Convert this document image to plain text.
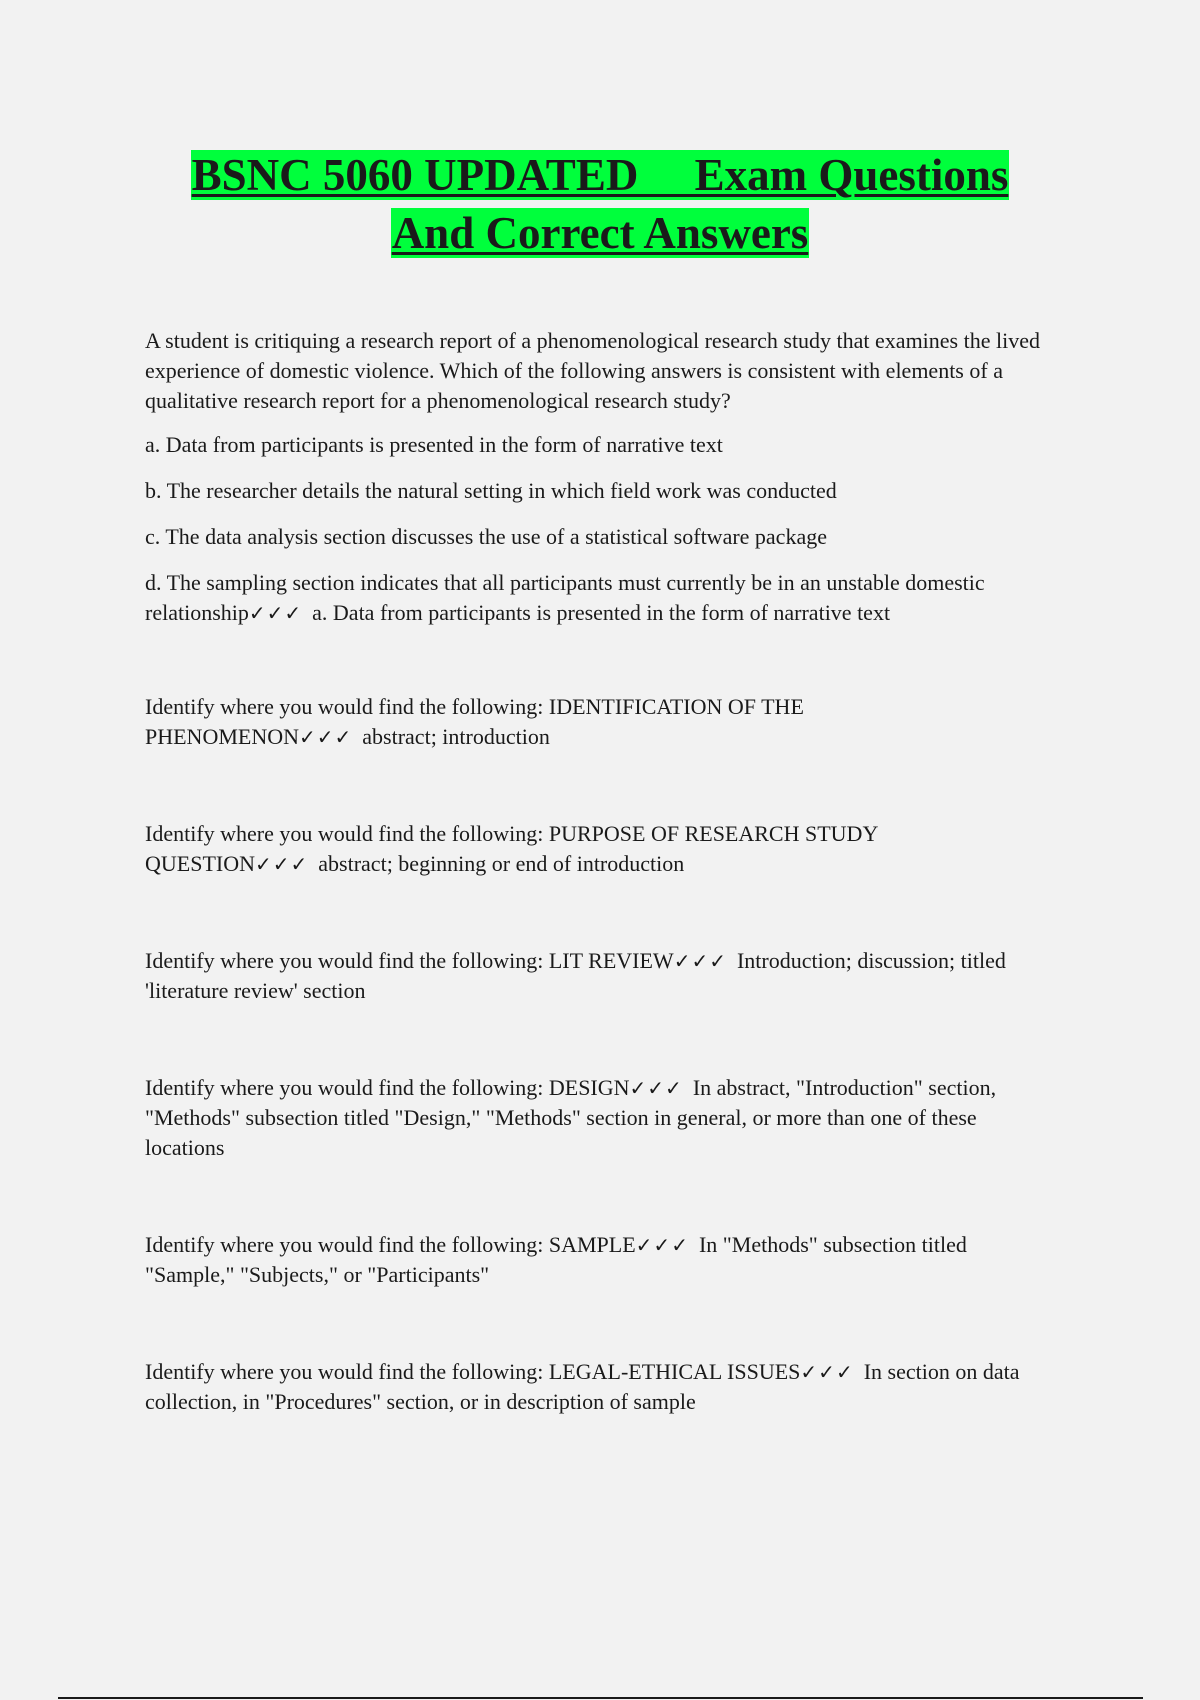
BSNC 5060 UPDATED     Exam Questions
And Correct Answers

A student is critiquing a research report of a phenomenological research study that examines the lived experience of domestic violence. Which of the following answers is consistent with elements of a qualitative research report for a phenomenological research study?

a. Data from participants is presented in the form of narrative text

b. The researcher details the natural setting in which field work was conducted

c. The data analysis section discusses the use of a statistical software package

d. The sampling section indicates that all participants must currently be in an unstable domestic relationship✓✓✓ a. Data from participants is presented in the form of narrative text

Identify where you would find the following: IDENTIFICATION OF THE PHENOMENON✓✓✓ abstract; introduction

Identify where you would find the following: PURPOSE OF RESEARCH STUDY QUESTION✓✓✓ abstract; beginning or end of introduction

Identify where you would find the following: LIT REVIEW✓✓✓ Introduction; discussion; titled 'literature review' section

Identify where you would find the following: DESIGN✓✓✓ In abstract, "Introduction" section, "Methods" subsection titled "Design," "Methods" section in general, or more than one of these locations

Identify where you would find the following: SAMPLE✓✓✓ In "Methods" subsection titled "Sample," "Subjects," or "Participants"

Identify where you would find the following: LEGAL-ETHICAL ISSUES✓✓✓ In section on data collection, in "Procedures" section, or in description of sample
